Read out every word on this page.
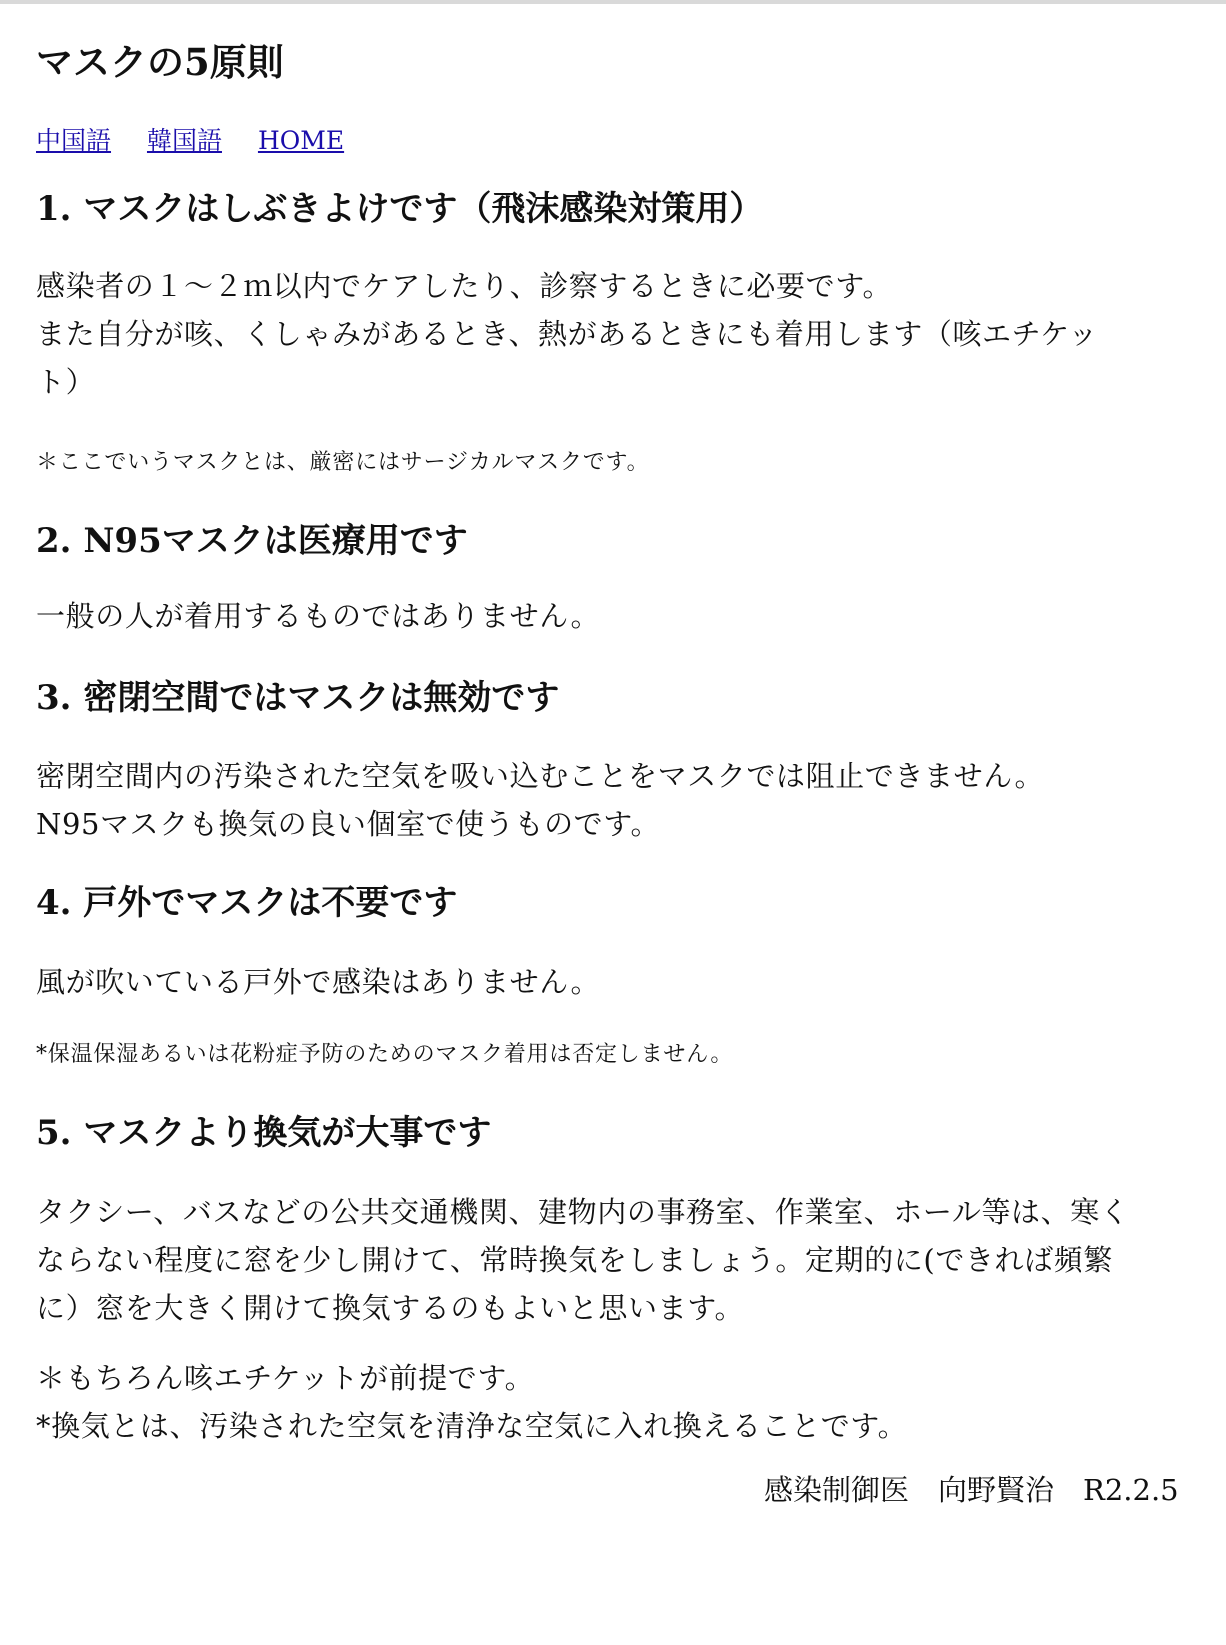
マスクの5原則
中国語 韓国語 HOME
1. マスクはしぶきよけです（飛沫感染対策用）
感染者の１～２ｍ以内でケアしたり、診察するときに必要です。
また自分が咳、くしゃみがあるとき、熱があるときにも着用します（咳エチケッ
ト）
＊ここでいうマスクとは、厳密にはサージカルマスクです。
2. N95マスクは医療用です
一般の人が着用するものではありません。
3. 密閉空間ではマスクは無効です
密閉空間内の汚染された空気を吸い込むことをマスクでは阻止できません。
N95マスクも換気の良い個室で使うものです。
4. 戸外でマスクは不要です
風が吹いている戸外で感染はありません。
*保温保湿あるいは花粉症予防のためのマスク着用は否定しません。
5. マスクより換気が大事です
タクシー、バスなどの公共交通機関、建物内の事務室、作業室、ホール等は、寒く
ならない程度に窓を少し開けて、常時換気をしましょう。定期的に(できれば頻繁
に）窓を大きく開けて換気するのもよいと思います。
＊もちろん咳エチケットが前提です。
*換気とは、汚染された空気を清浄な空気に入れ換えることです。
感染制御医　向野賢治　R2.2.5
